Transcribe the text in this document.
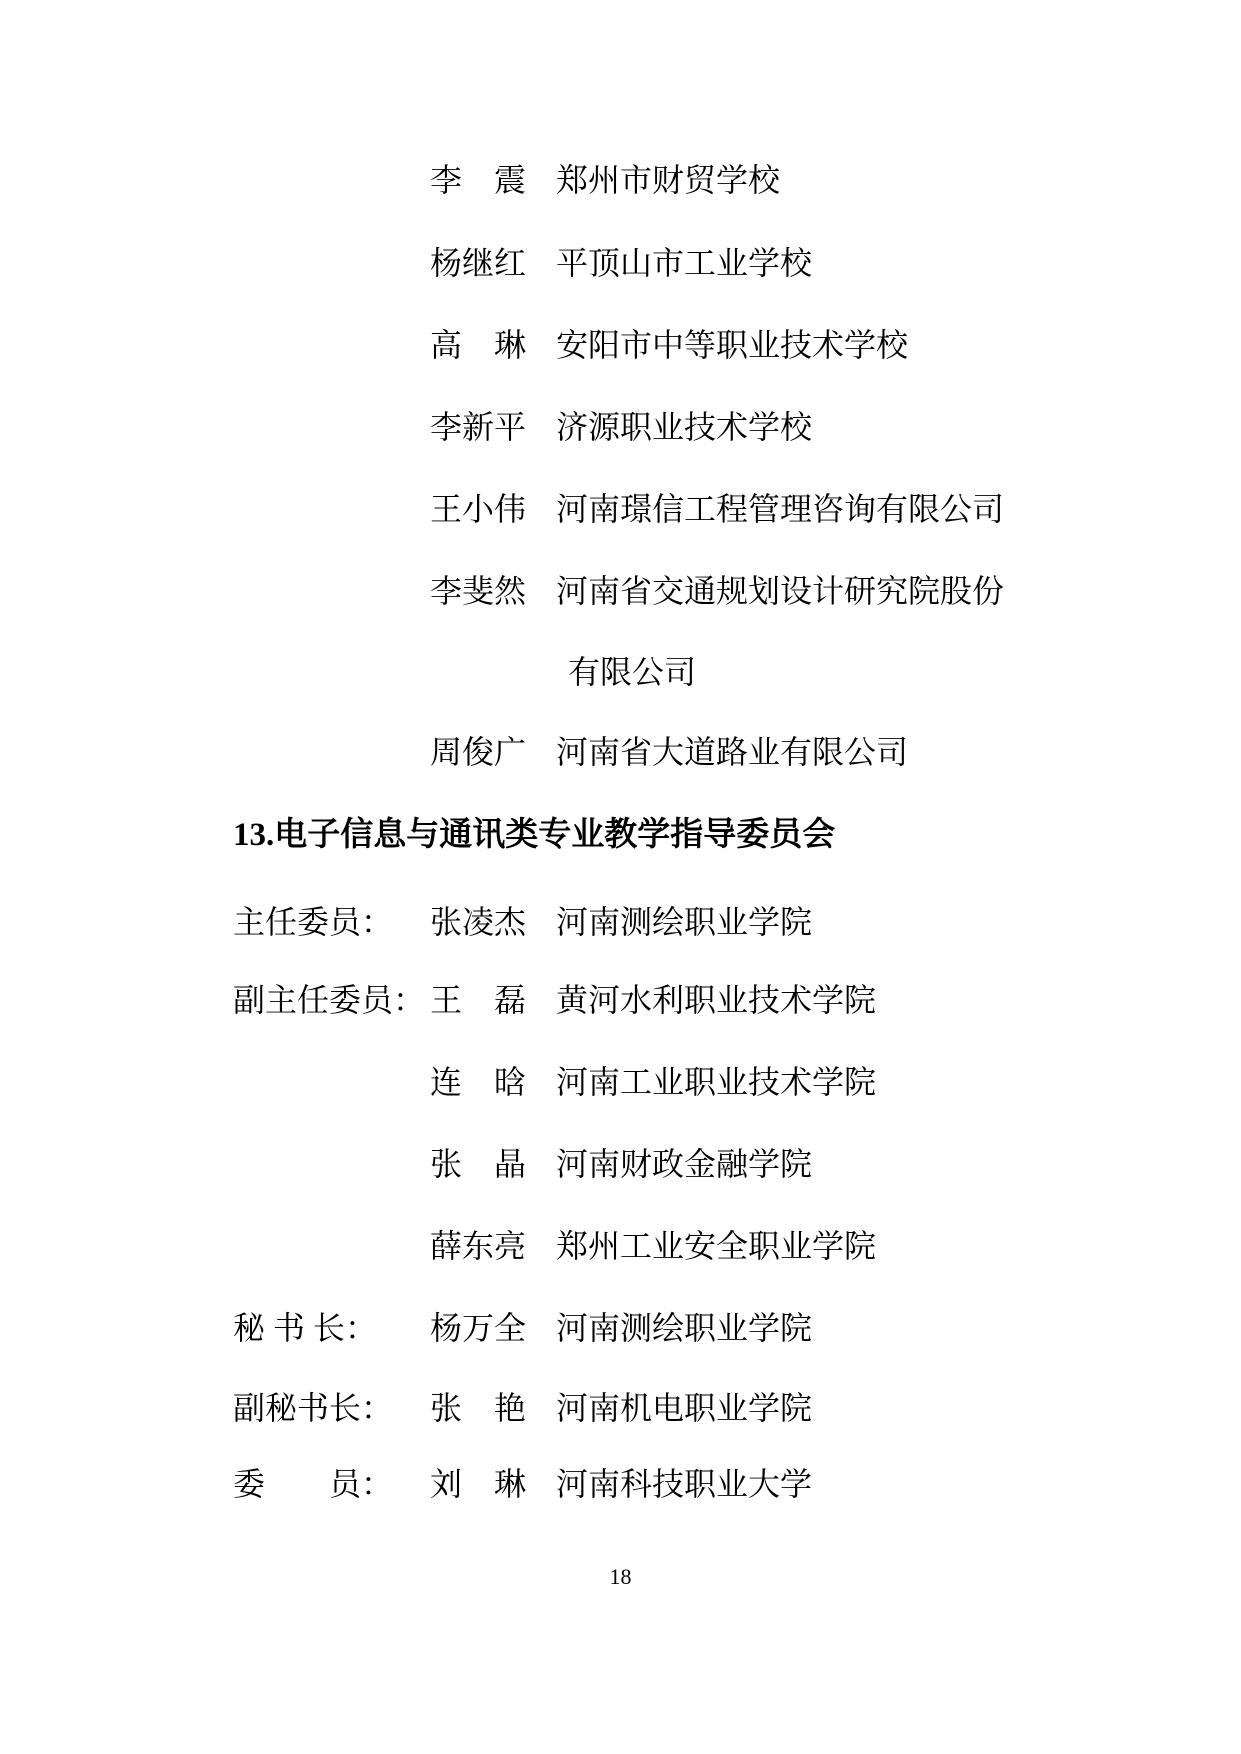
李　震

郑州市财贸学校

杨继红

平顶山市工业学校

高　琳

安阳市中等职业技术学校

李新平

济源职业技术学校

王小伟

河南璟信工程管理咨询有限公司

李斐然

河南省交通规划设计研究院股份

有限公司

周俊广

河南省大道路业有限公司

13.电子信息与通讯类专业教学指导委员会

主任委员：

张凌杰

河南测绘职业学院

副主任委员：

王　磊

黄河水利职业技术学院

连　晗

河南工业职业技术学院

张　晶

河南财政金融学院

薛东亮

郑州工业安全职业学院

秘 书 长：

杨万全

河南测绘职业学院

副秘书长：

张　艳

河南机电职业学院

委　　员：

刘　琳

河南科技职业大学

18
